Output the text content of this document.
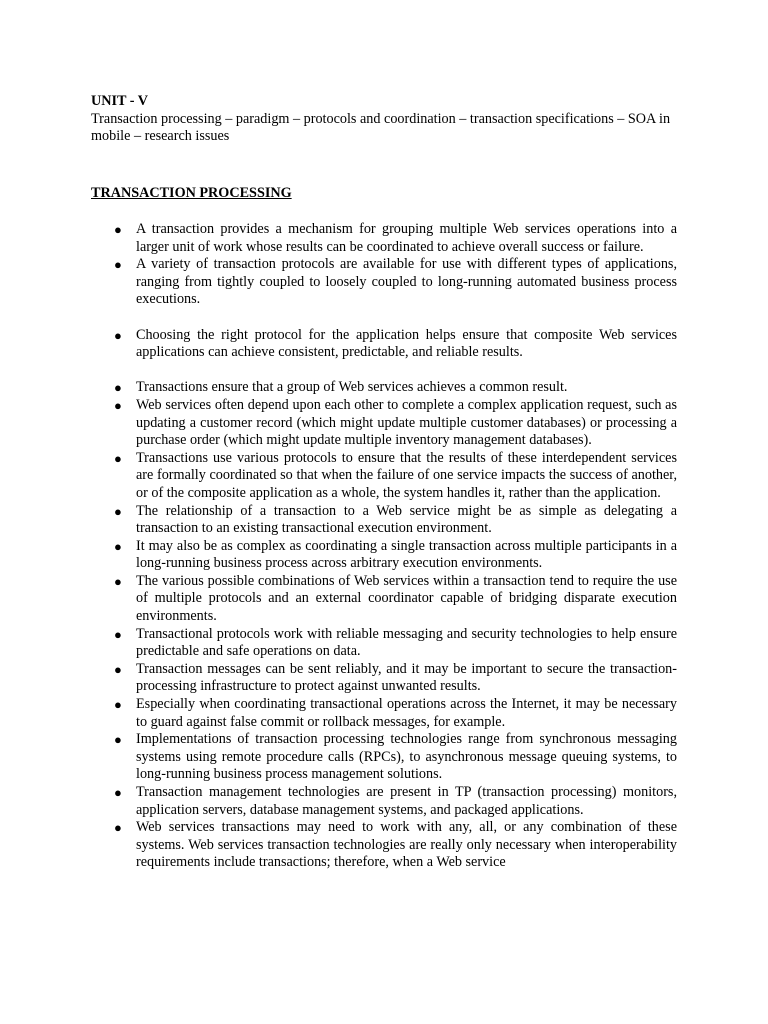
UNIT - V

Transaction processing – paradigm – protocols and coordination – transaction specifications – SOA in mobile – research issues

TRANSACTION PROCESSING
● A transaction provides a mechanism for grouping multiple Web services operations into a larger unit of work whose results can be coordinated to achieve overall success or failure.
● A variety of transaction protocols are available for use with different types of applications, ranging from tightly coupled to loosely coupled to long-running automated business process executions.
● Choosing the right protocol for the application helps ensure that composite Web services applications can achieve consistent, predictable, and reliable results.
● Transactions ensure that a group of Web services achieves a common result.
● Web services often depend upon each other to complete a complex application request, such as updating a customer record (which might update multiple customer databases) or processing a purchase order (which might update multiple inventory management databases).
● Transactions use various protocols to ensure that the results of these interdependent services are formally coordinated so that when the failure of one service impacts the success of another, or of the composite application as a whole, the system handles it, rather than the application.
● The relationship of a transaction to a Web service might be as simple as delegating a transaction to an existing transactional execution environment.
● It may also be as complex as coordinating a single transaction across multiple participants in a long-running business process across arbitrary execution environments.
● The various possible combinations of Web services within a transaction tend to require the use of multiple protocols and an external coordinator capable of bridging disparate execution environments.
● Transactional protocols work with reliable messaging and security technologies to help ensure predictable and safe operations on data.
● Transaction messages can be sent reliably, and it may be important to secure the transaction-processing infrastructure to protect against unwanted results.
● Especially when coordinating transactional operations across the Internet, it may be necessary to guard against false commit or rollback messages, for example.
● Implementations of transaction processing technologies range from synchronous messaging systems using remote procedure calls (RPCs), to asynchronous message queuing systems, to long-running business process management solutions.
● Transaction management technologies are present in TP (transaction processing) monitors, application servers, database management systems, and packaged applications.
● Web services transactions may need to work with any, all, or any combination of these systems. Web services transaction technologies are really only necessary when interoperability requirements include transactions; therefore, when a Web service
